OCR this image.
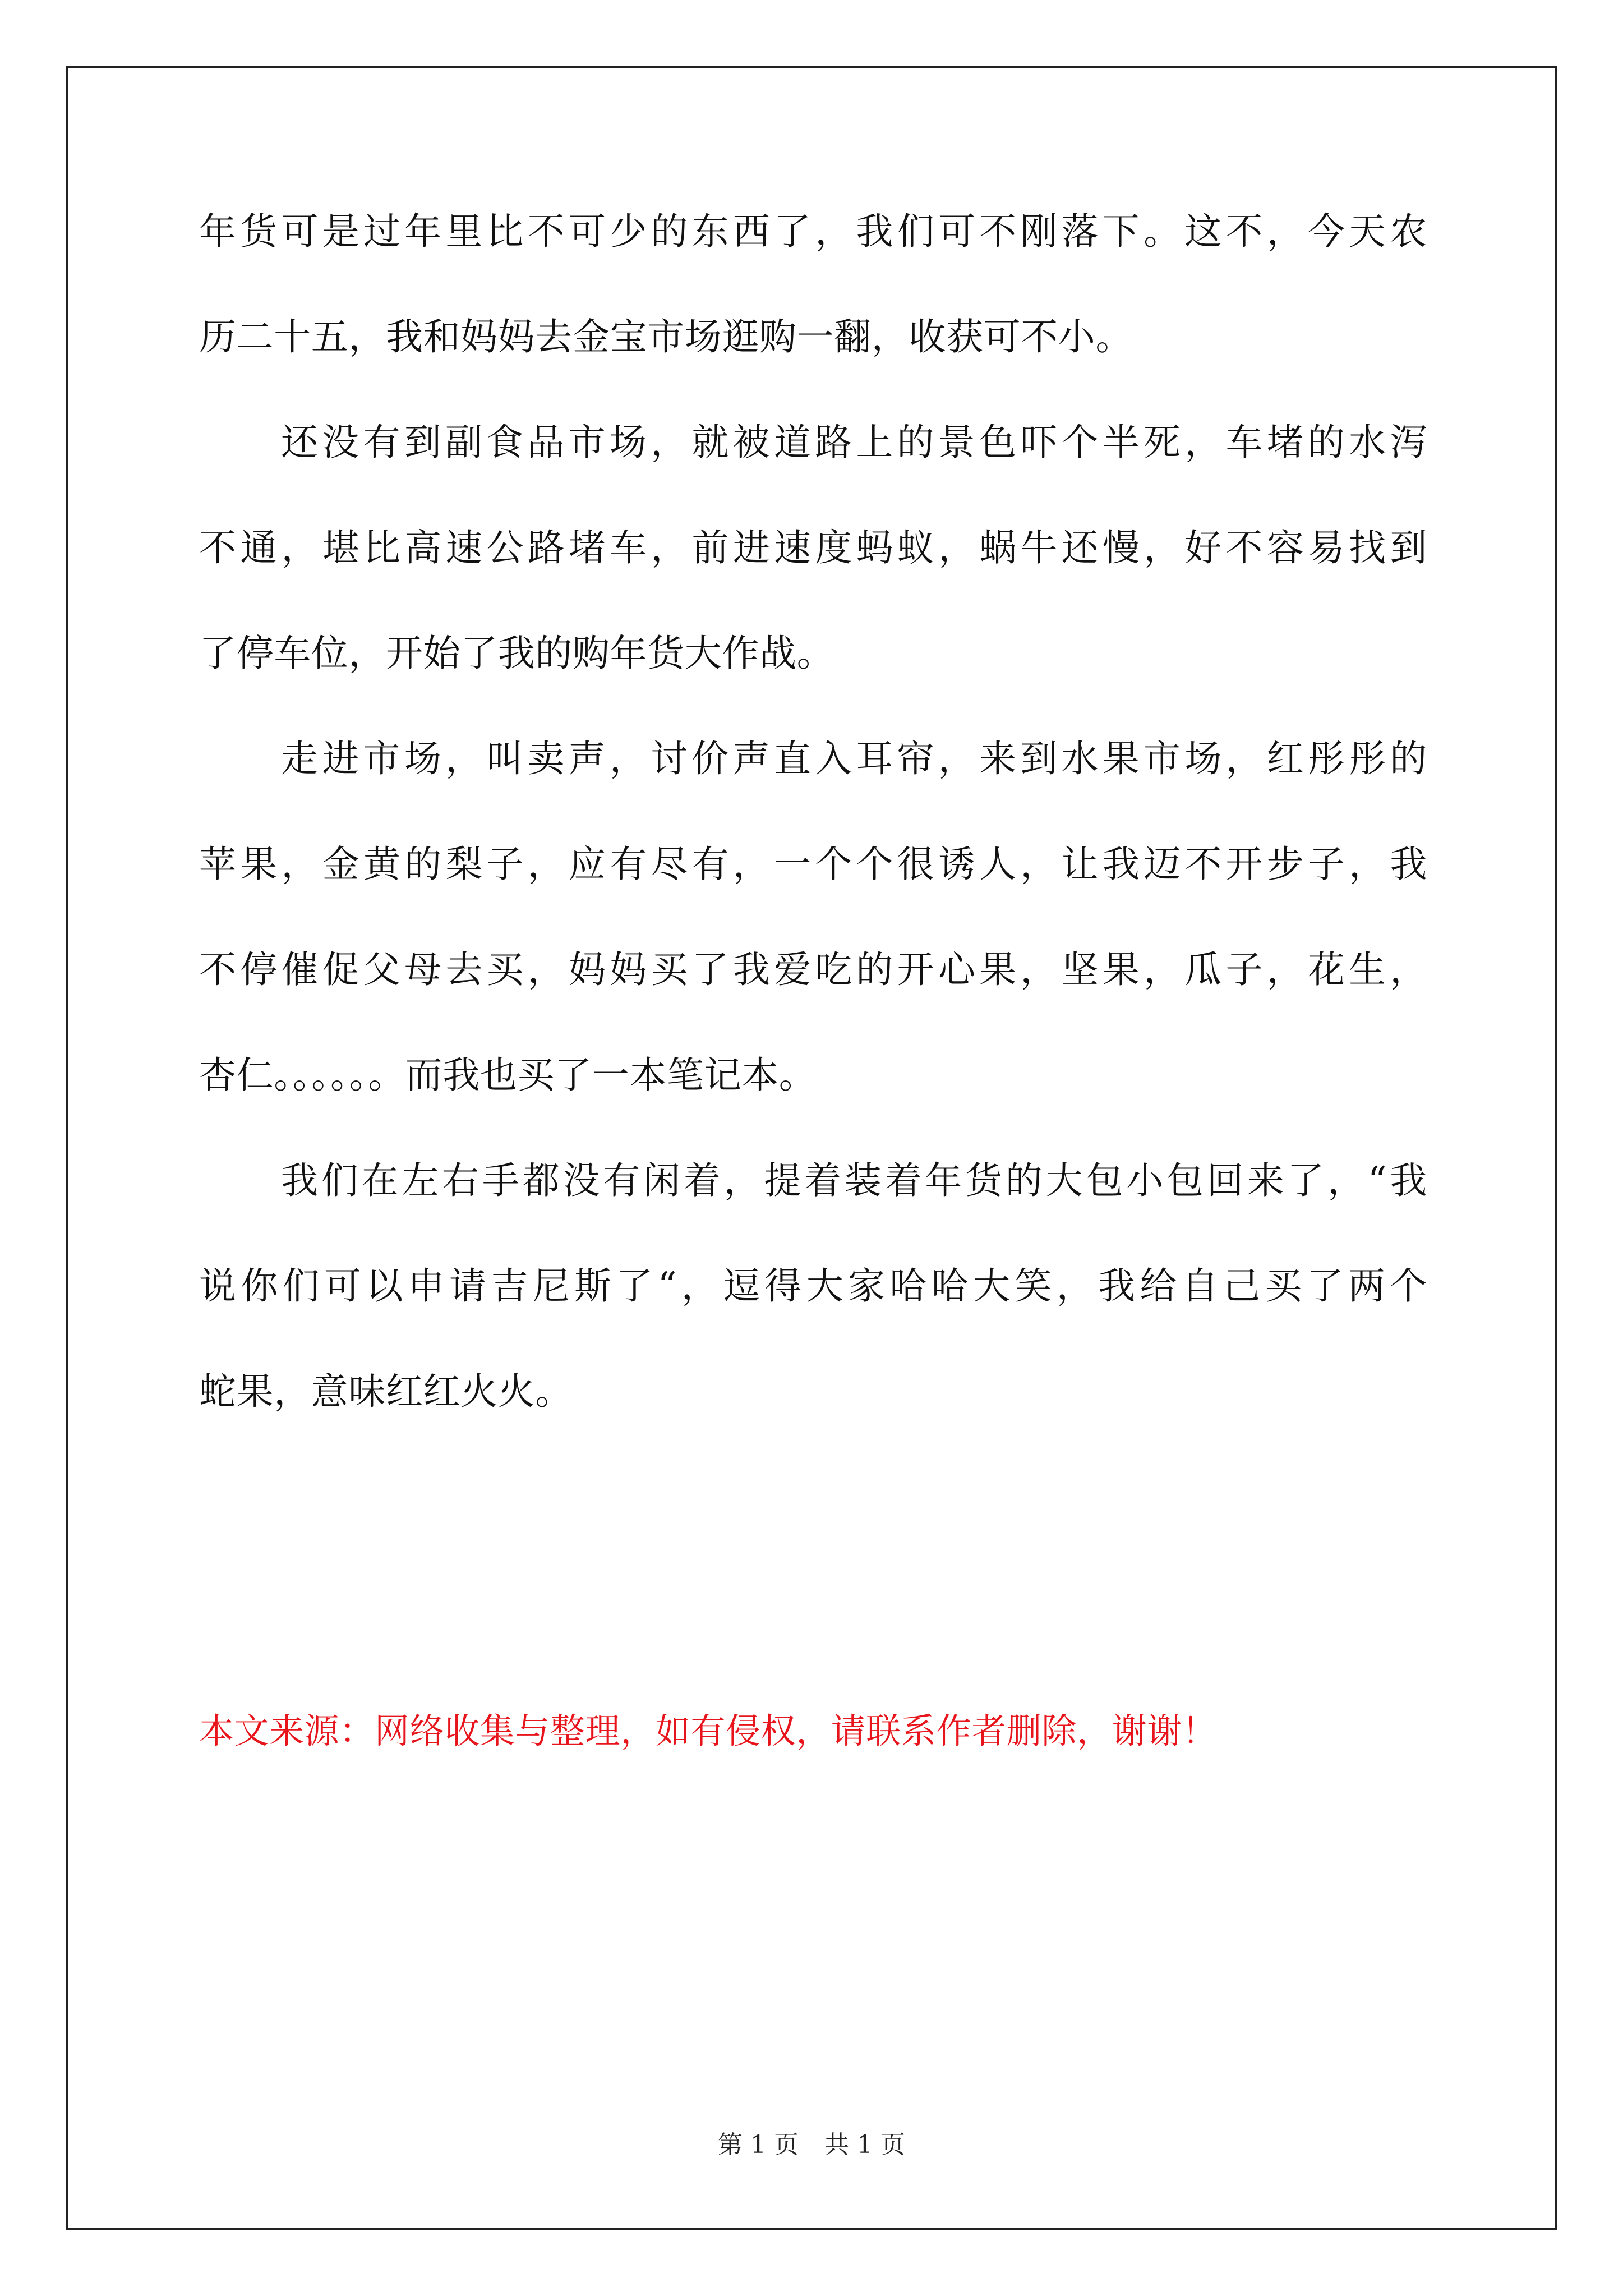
年货可是过年里比不可少的东西了，我们可不刚落下。这不，今天农

历二十五，我和妈妈去金宝市场逛购一翻，收获可不小。

还没有到副食品市场，就被道路上的景色吓个半死，车堵的水泻

不通，堪比高速公路堵车，前进速度蚂蚁，蜗牛还慢，好不容易找到

了停车位，开始了我的购年货大作战。

走进市场，叫卖声，讨价声直入耳帘，来到水果市场，红彤彤的

苹果，金黄的梨子，应有尽有，一个个很诱人，让我迈不开步子，我

不停催促父母去买，妈妈买了我爱吃的开心果，坚果，瓜子，花生，

杏仁。。。。。。而我也买了一本笔记本。

我们在左右手都没有闲着，提着装着年货的大包小包回来了，“我

说你们可以申请吉尼斯了“，逗得大家哈哈大笑，我给自己买了两个

蛇果，意味红红火火。

本文来源：网络收集与整理，如有侵权，请联系作者删除，谢谢！
第 1 页 共 1 页
